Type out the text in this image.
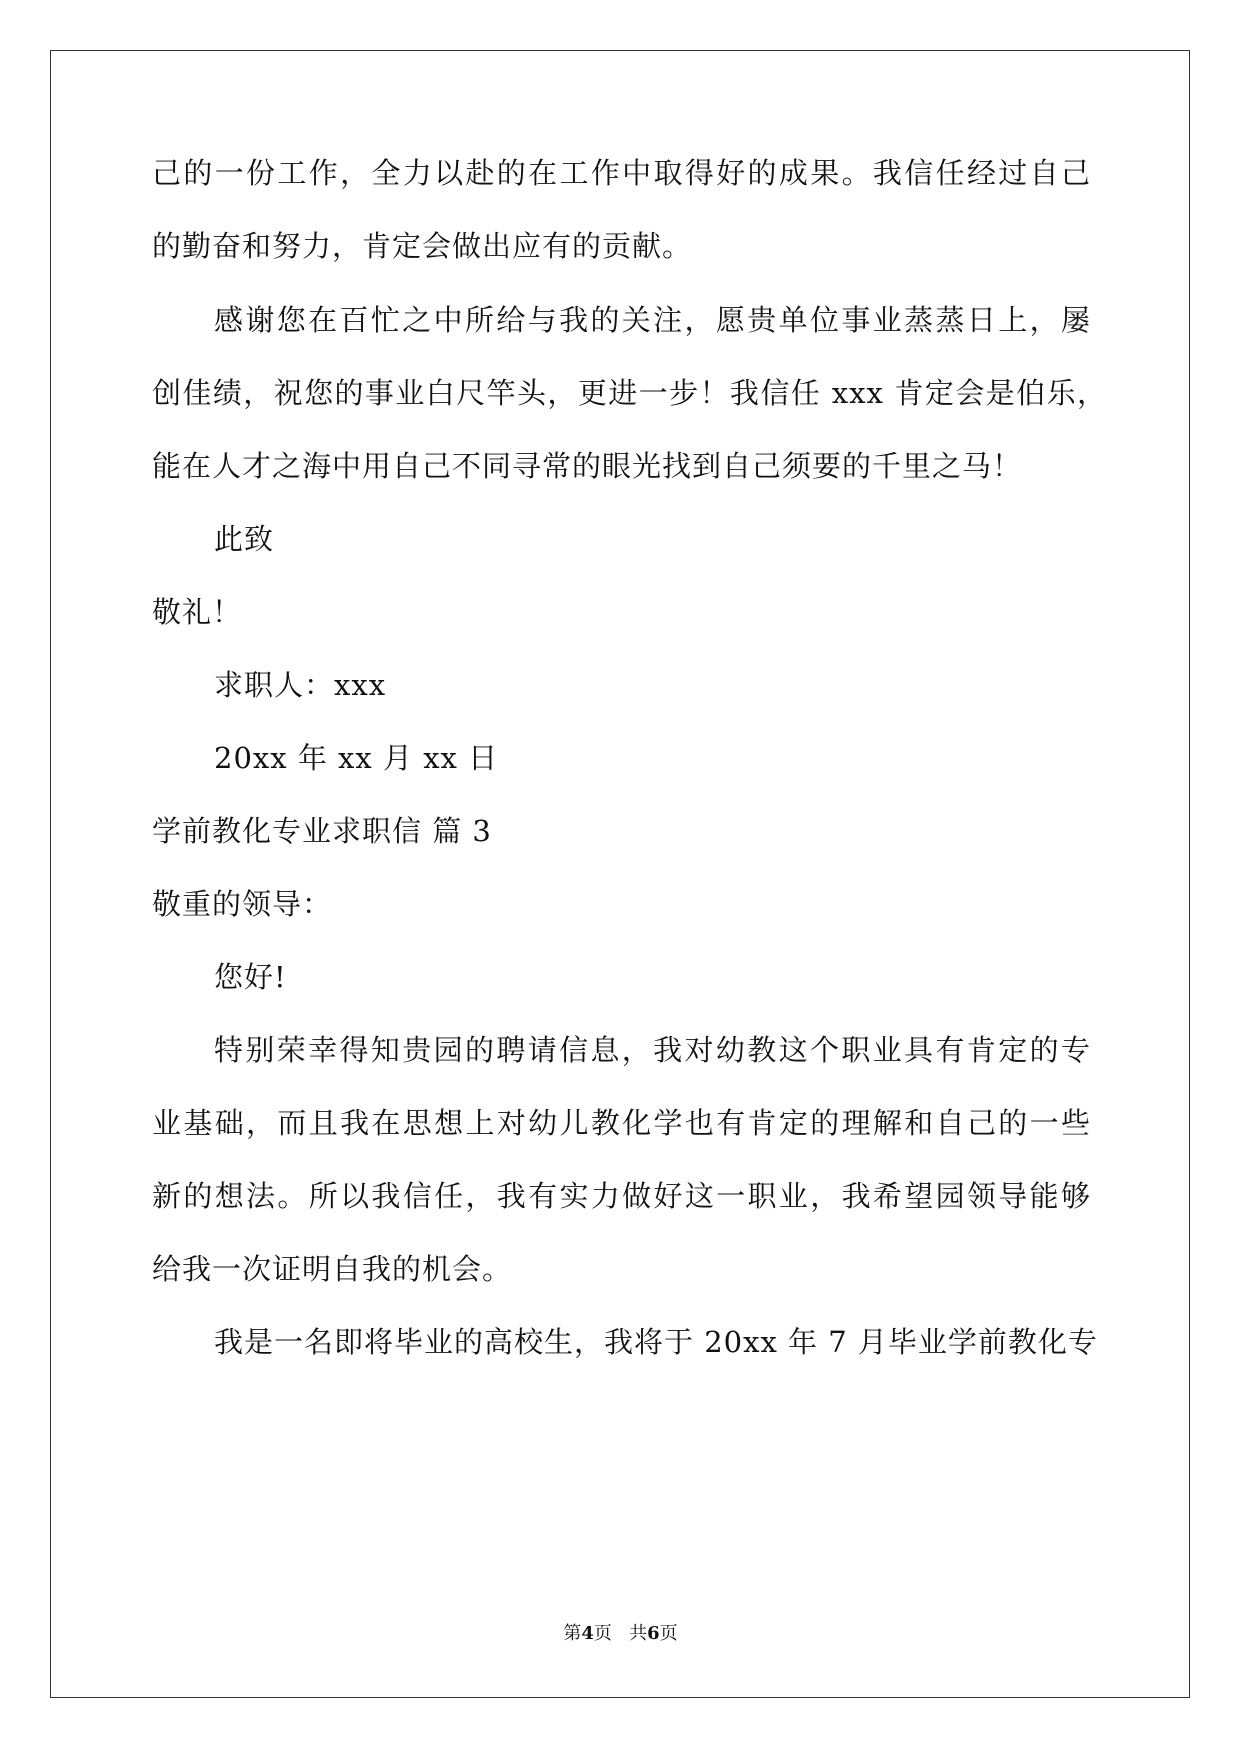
己的一份工作，全力以赴的在工作中取得好的成果。我信任经过自己
的勤奋和努力，肯定会做出应有的贡献。
感谢您在百忙之中所给与我的关注，愿贵单位事业蒸蒸日上，屡
创佳绩，祝您的事业白尺竿头，更进一步！我信任 xxx 肯定会是伯乐，
能在人才之海中用自己不同寻常的眼光找到自己须要的千里之马！
此致
敬礼！
求职人：xxx
20xx 年 xx 月 xx 日
学前教化专业求职信 篇 3
敬重的领导：
您好!
特别荣幸得知贵园的聘请信息，我对幼教这个职业具有肯定的专
业基础，而且我在思想上对幼儿教化学也有肯定的理解和自己的一些
新的想法。所以我信任，我有实力做好这一职业，我希望园领导能够
给我一次证明自我的机会。
我是一名即将毕业的高校生，我将于 20xx 年 7 月毕业学前教化专
第4页   共6页
